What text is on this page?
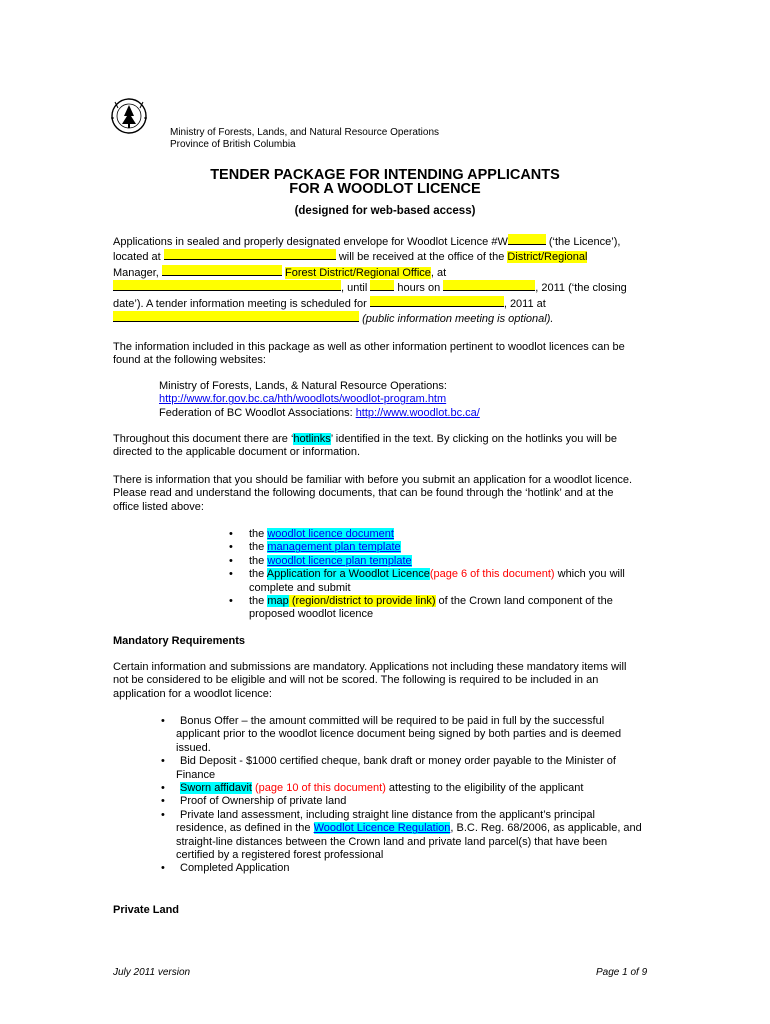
Ministry of Forests, Lands, and Natural Resource Operations
Province of British Columbia
TENDER PACKAGE FOR INTENDING APPLICANTS
FOR A WOODLOT LICENCE
(designed for web-based access)
Applications in sealed and properly designated envelope for Woodlot Licence #W	(‘the Licence’),
located at	will be received at the office of the District/Regional
Manager,	Forest District/Regional Office, at
, until  hours on	, 2011 (‘the closing
date’). A tender information meeting is scheduled for	, 2011 at
(public information meeting is optional).
The information included in this package as well as other information pertinent to woodlot licences can be
found at the following websites:
Ministry of Forests, Lands, & Natural Resource Operations:
http://www.for.gov.bc.ca/hth/woodlots/woodlot-program.htm
Federation of BC Woodlot Associations: http://www.woodlot.bc.ca/
Throughout this document there are ‘hotlinks’ identified in the text. By clicking on the hotlinks you will be
directed to the applicable document or information.
There is information that you should be familiar with before you submit an application for a woodlot licence.
Please read and understand the following documents, that can be found through the ‘hotlink’ and at the
office listed above:
• the woodlot licence document
• the management plan template
• the woodlot licence plan template
• the Application for a Woodlot Licence(page 6 of this document) which you will
complete and submit
• the map (region/district to provide link) of the Crown land component of the
proposed woodlot licence
Mandatory Requirements
Certain information and submissions are mandatory. Applications not including these mandatory items will
not be considered to be eligible and will not be scored. The following is required to be included in an
application for a woodlot licence:
• Bonus Offer – the amount committed will be required to be paid in full by the successful
applicant prior to the woodlot licence document being signed by both parties and is deemed
issued.
• Bid Deposit - $1000 certified cheque, bank draft or money order payable to the Minister of
Finance
• Sworn affidavit (page 10 of this document) attesting to the eligibility of the applicant
• Proof of Ownership of private land
• Private land assessment, including straight line distance from the applicant’s principal
residence, as defined in the Woodlot Licence Regulation, B.C. Reg. 68/2006, as applicable, and
straight-line distances between the Crown land and private land parcel(s) that have been
certified by a registered forest professional
• Completed Application
Private Land
July 2011 version	Page 1 of 9
